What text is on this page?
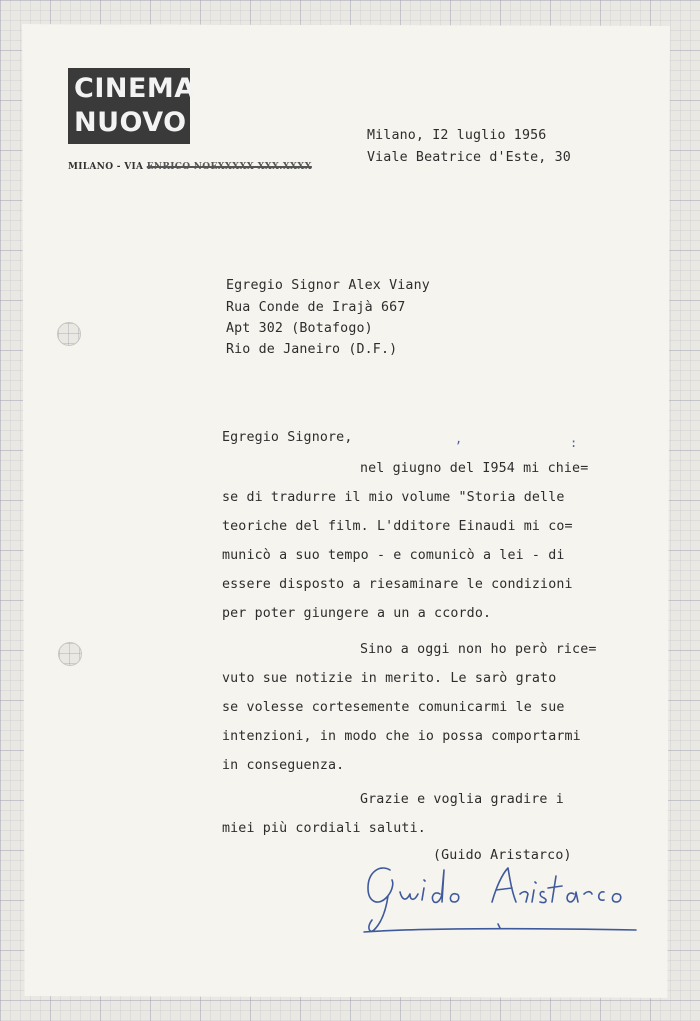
CINEMA
NUOVO
MILANO - VIA ENRICO NOEXXXXX XXX.XXXX
Milano, I2 luglio 1956
Viale Beatrice d'Este, 30
Egregio Signor Alex Viany
Rua Conde de Irajà 667
Apt 302 (Botafogo)
Rio de Janeiro (D.F.)
Egregio Signore,	,	:
nel giugno del I954 mi chie=
se di tradurre il mio volume "Storia delle
teoriche del film. L'dditore Einaudi mi co=
municò a suo tempo - e comunicò a lei - di
essere disposto a riesaminare le condizioni
per poter giungere a un a ccordo.
Sino a oggi non ho però rice=
vuto sue notizie in merito. Le sarò grato
se volesse cortesemente comunicarmi le sue
intenzioni, in modo che io possa comportarmi
in conseguenza.
Grazie e voglia gradire i
miei più cordiali saluti.
(Guido Aristarco)
